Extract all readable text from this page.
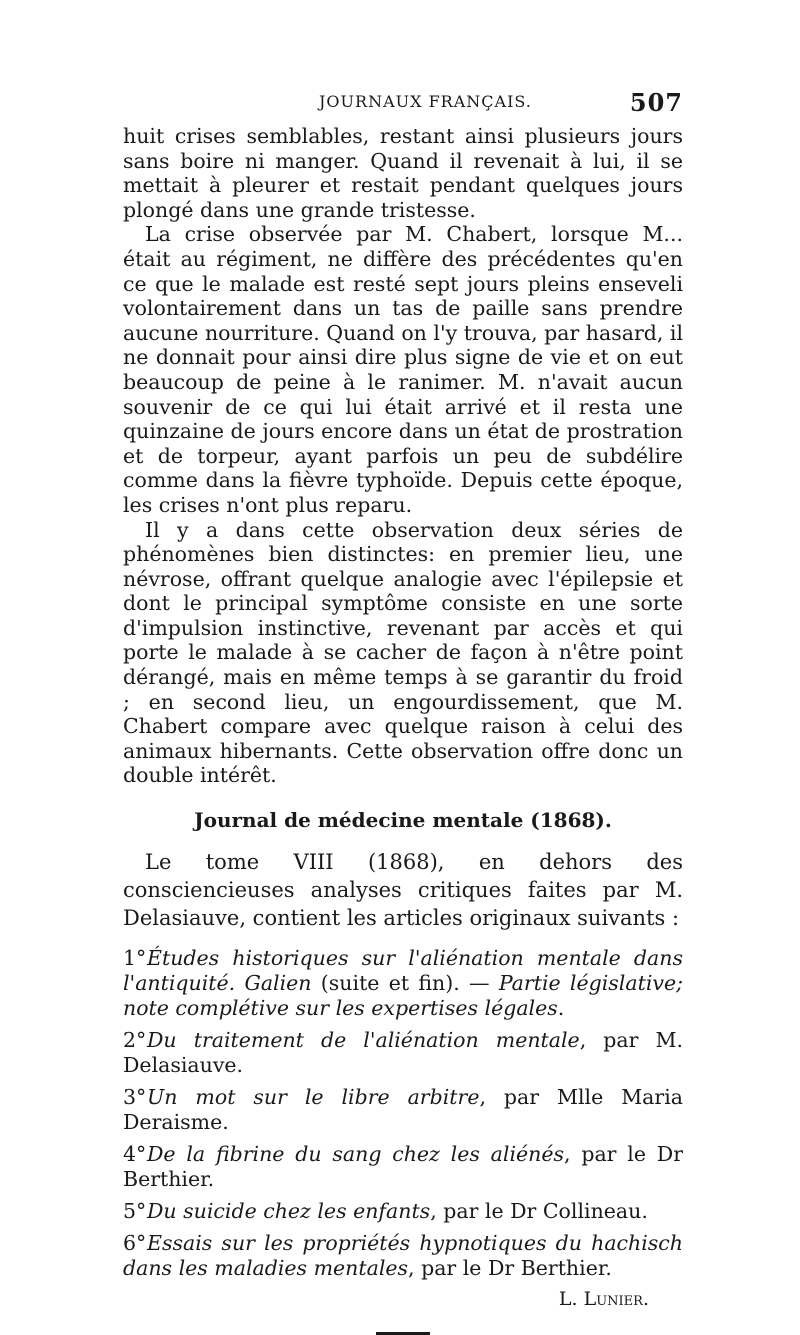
JOURNAUX FRANÇAIS.	507

huit crises semblables, restant ainsi plusieurs jours sans boire ni manger. Quand il revenait à lui, il se mettait à pleurer et restait pendant quelques jours plongé dans une grande tristesse.

La crise observée par M. Chabert, lorsque M... était au régiment, ne diffère des précédentes qu'en ce que le malade est resté sept jours pleins enseveli volontairement dans un tas de paille sans prendre aucune nourriture. Quand on l'y trouva, par hasard, il ne donnait pour ainsi dire plus signe de vie et on eut beaucoup de peine à le ranimer. M. n'avait aucun souvenir de ce qui lui était arrivé et il resta une quinzaine de jours encore dans un état de prostration et de torpeur, ayant parfois un peu de subdélire comme dans la fièvre typhoïde. Depuis cette époque, les crises n'ont plus reparu.

Il y a dans cette observation deux séries de phénomènes bien distinctes: en premier lieu, une névrose, offrant quelque analogie avec l'épilepsie et dont le principal symptôme consiste en une sorte d'impulsion instinctive, revenant par accès et qui porte le malade à se cacher de façon à n'être point dérangé, mais en même temps à se garantir du froid ; en second lieu, un engourdissement, que M. Chabert compare avec quelque raison à celui des animaux hibernants. Cette observation offre donc un double intérêt.

Journal de médecine mentale (1868).

Le tome VIII (1868), en dehors des consciencieuses analyses critiques faites par M. Delasiauve, contient les articles originaux suivants :

1°Études historiques sur l'aliénation mentale dans l'antiquité. Galien (suite et fin). — Partie législative; note complétive sur les expertises légales.
2°Du traitement de l'aliénation mentale, par M. Delasiauve.
3°Un mot sur le libre arbitre, par Mlle Maria Deraisme.
4°De la fibrine du sang chez les aliénés, par le Dr Berthier.
5°Du suicide chez les enfants, par le Dr Collineau.
6°Essais sur les propriétés hypnotiques du hachisch dans les maladies mentales, par le Dr Berthier.
L. Lunier.
